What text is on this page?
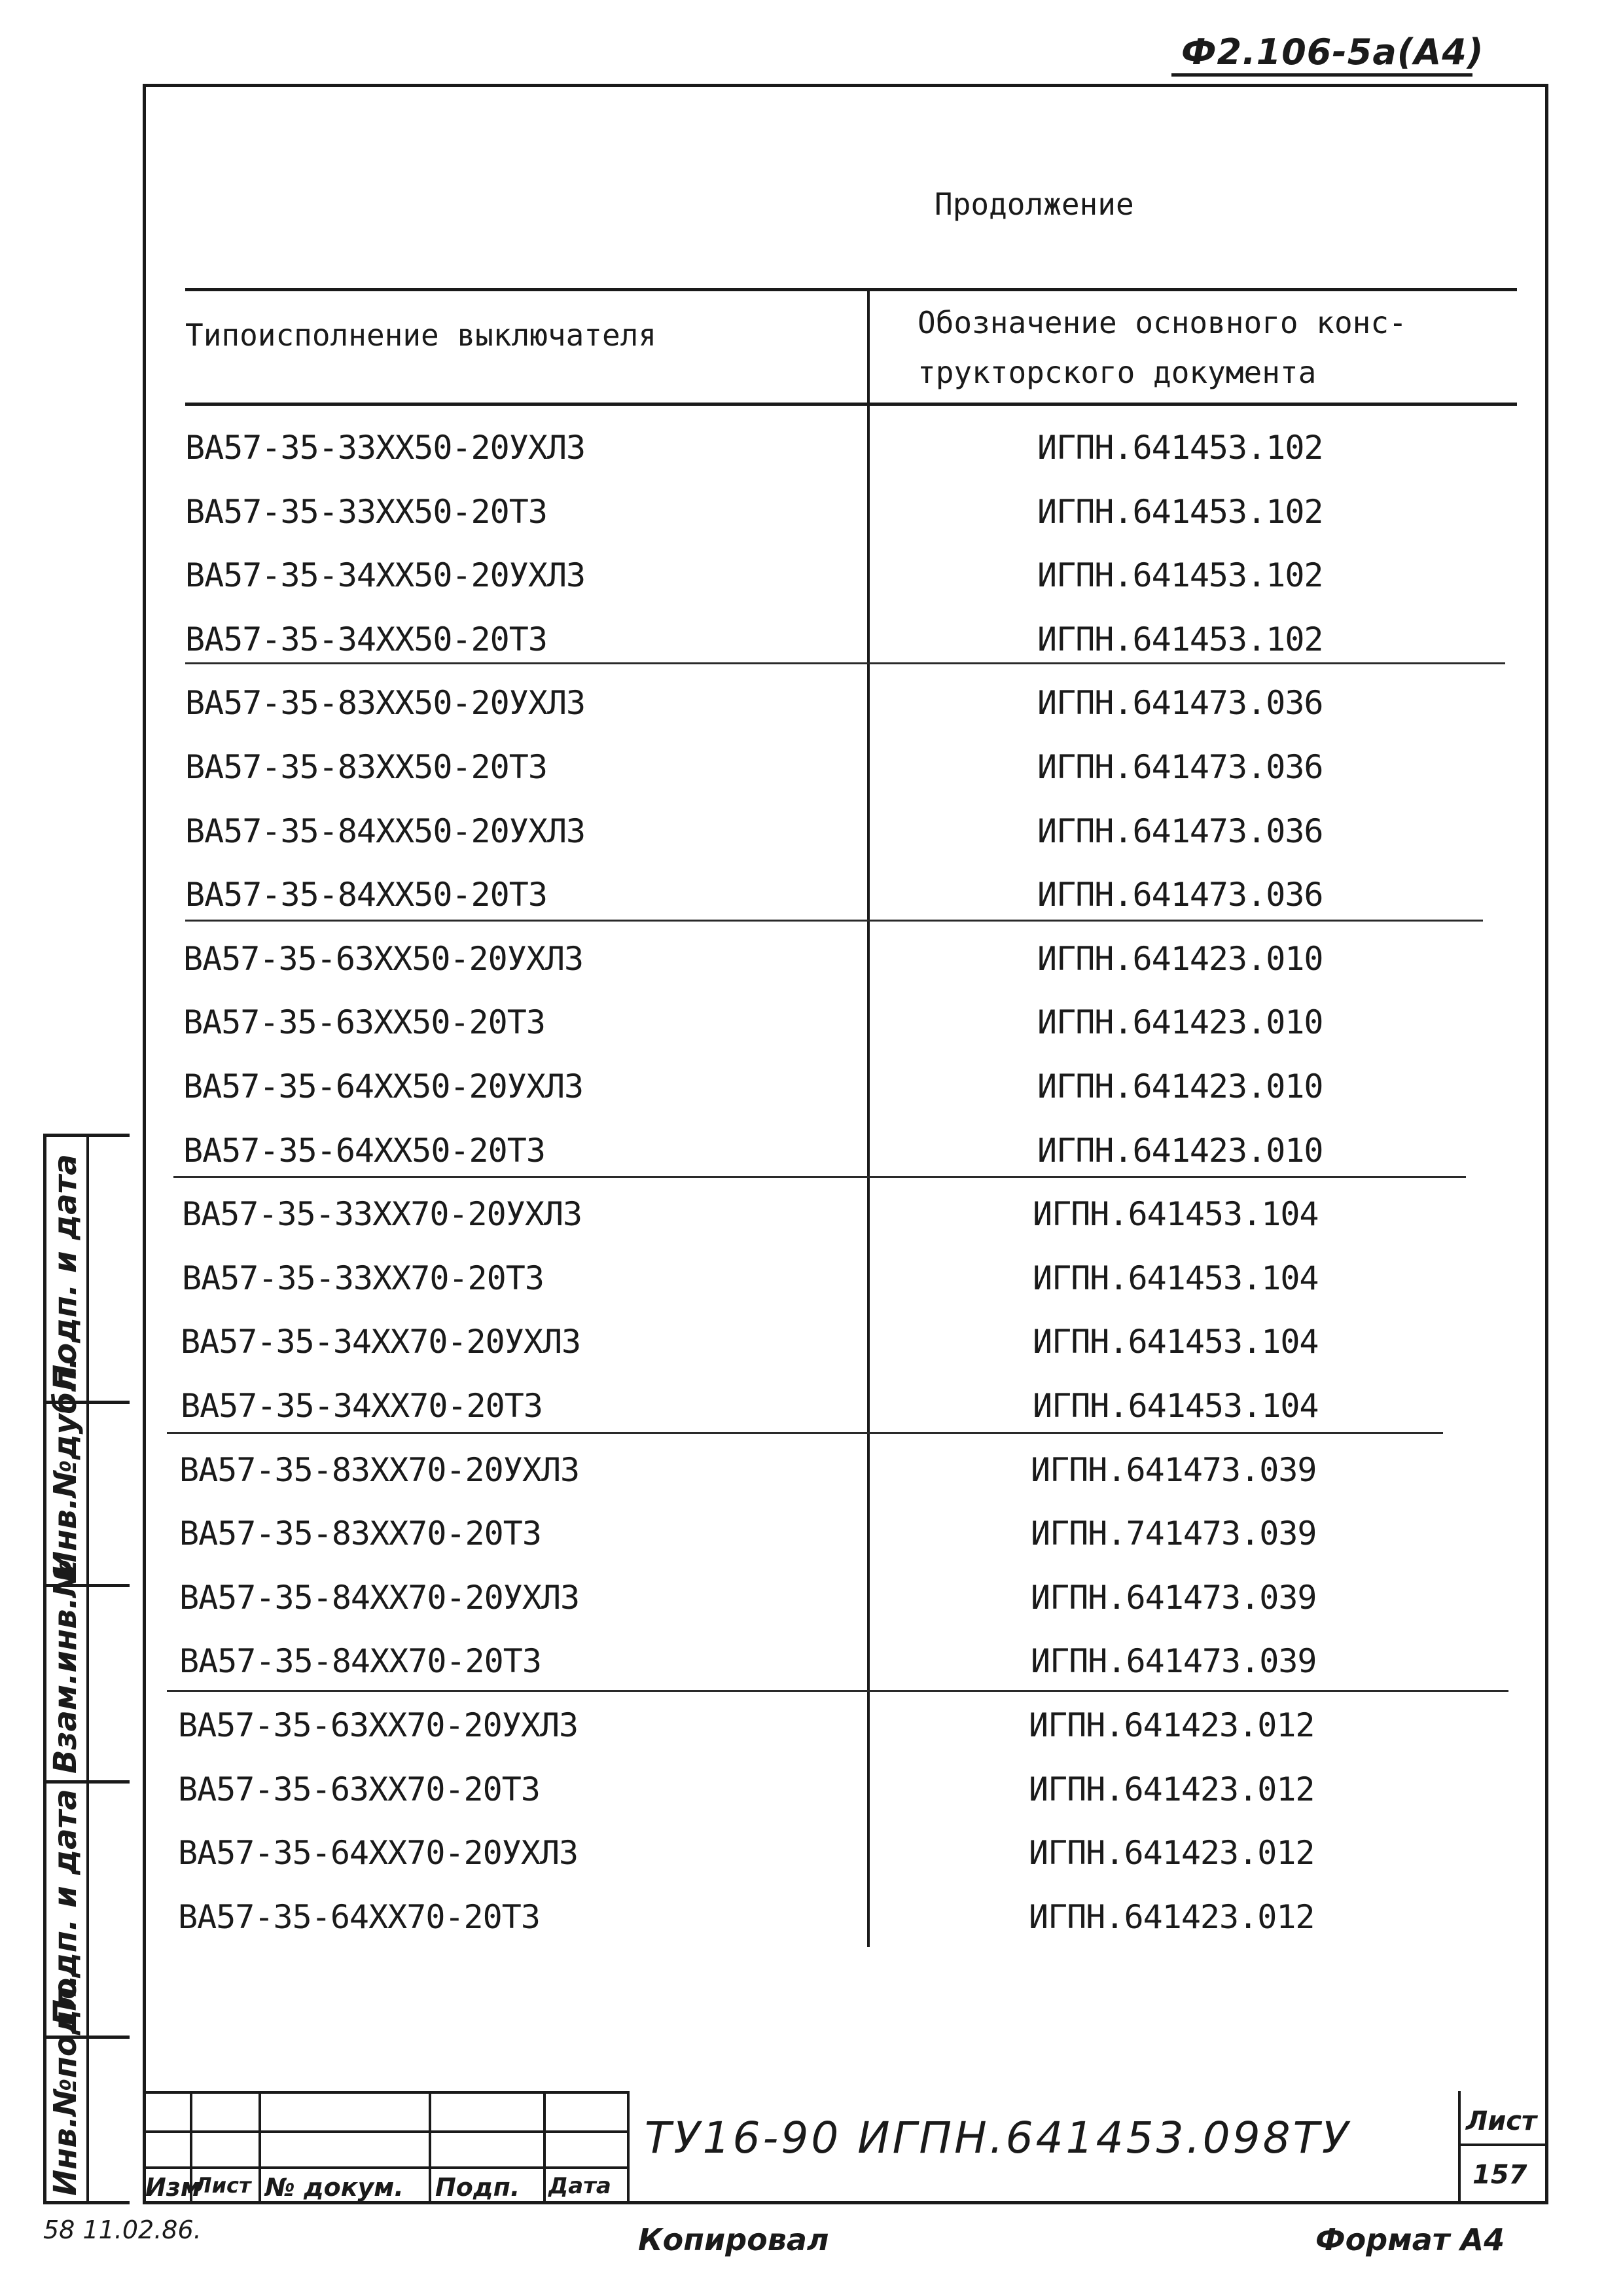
Ф2.106-5а(А4)
Продолжение
Типоисполнение выключателя	Обозначение основного конс-
трукторского документа
ВА57-35-33XX50-20УХЛ3	ИГПН.641453.102
ВА57-35-33XX50-20Т3	ИГПН.641453.102
ВА57-35-34XX50-20УХЛ3	ИГПН.641453.102
ВА57-35-34XX50-20Т3	ИГПН.641453.102
ВА57-35-83XX50-20УХЛ3	ИГПН.641473.036
ВА57-35-83XX50-20Т3	ИГПН.641473.036
ВА57-35-84XX50-20УХЛ3	ИГПН.641473.036
ВА57-35-84XX50-20Т3	ИГПН.641473.036
ВА57-35-63XX50-20УХЛ3	ИГПН.641423.010
ВА57-35-63XX50-20Т3	ИГПН.641423.010
ВА57-35-64XX50-20УХЛ3	ИГПН.641423.010
ВА57-35-64XX50-20Т3	ИГПН.641423.010
ВА57-35-33XX70-20УХЛ3	ИГПН.641453.104
ВА57-35-33XX70-20Т3	ИГПН.641453.104
ВА57-35-34XX70-20УХЛ3	ИГПН.641453.104
ВА57-35-34XX70-20Т3	ИГПН.641453.104
ВА57-35-83XX70-20УХЛ3	ИГПН.641473.039
ВА57-35-83XX70-20Т3	ИГПН.741473.039
ВА57-35-84XX70-20УХЛ3	ИГПН.641473.039
ВА57-35-84XX70-20Т3	ИГПН.641473.039
ВА57-35-63XX70-20УХЛ3	ИГПН.641423.012
ВА57-35-63XX70-20Т3	ИГПН.641423.012
ВА57-35-64XX70-20УХЛ3	ИГПН.641423.012
ВА57-35-64XX70-20Т3	ИГПН.641423.012
Подп. и дата
Инв.№дубл.
Взам.инв.№
Подп. и дата
Инв.№подл. Изм
Лист № докум. Подп. Дата
ТУ16-90 ИГПН.641453.098ТУ	Лист
157
Копировал	Формат А4
58 11.02.86.
